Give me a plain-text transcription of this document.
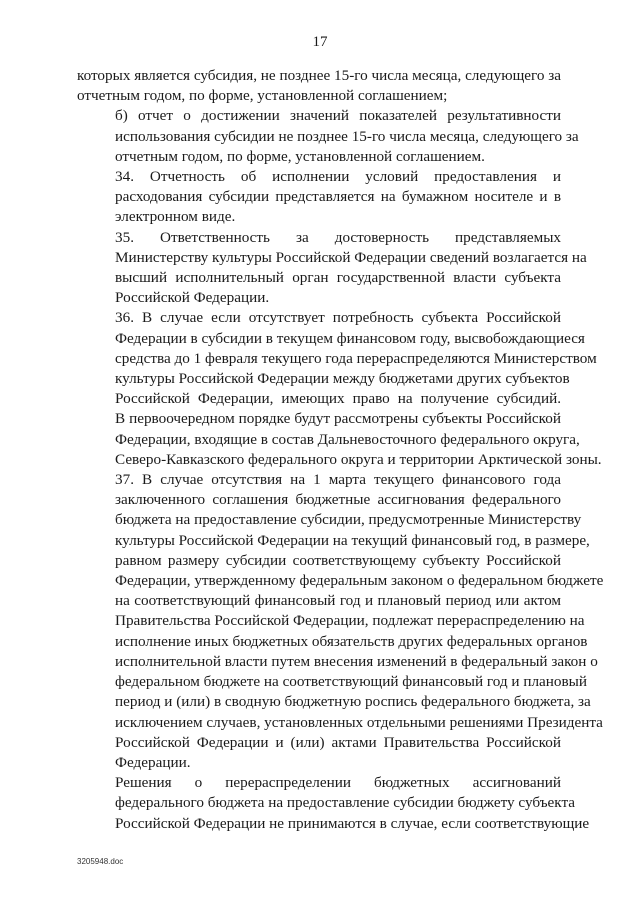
17

которых является субсидия, не позднее 15-го числа месяца, следующего за
отчетным годом, по форме, установленной соглашением;

б) отчет о достижении значений показателей результативности
использования субсидии не позднее 15-го числа месяца, следующего за
отчетным годом, по форме, установленной соглашением.

34. Отчетность об исполнении условий предоставления и
расходования субсидии представляется на бумажном носителе и в
электронном виде.

35. Ответственность за достоверность представляемых
Министерству культуры Российской Федерации сведений возлагается на
высший исполнительный орган государственной власти субъекта
Российской Федерации.

36. В случае если отсутствует потребность субъекта Российской
Федерации в субсидии в текущем финансовом году, высвобождающиеся
средства до 1 февраля текущего года перераспределяются Министерством
культуры Российской Федерации между бюджетами других субъектов
Российской Федерации, имеющих право на получение субсидий.
В первоочередном порядке будут рассмотрены субъекты Российской
Федерации, входящие в состав Дальневосточного федерального округа,
Северо-Кавказского федерального округа и территории Арктической зоны.

37. В случае отсутствия на 1 марта текущего финансового года
заключенного соглашения бюджетные ассигнования федерального
бюджета на предоставление субсидии, предусмотренные Министерству
культуры Российской Федерации на текущий финансовый год, в размере,
равном размеру субсидии соответствующему субъекту Российской
Федерации, утвержденному федеральным законом о федеральном бюджете
на соответствующий финансовый год и плановый период или актом
Правительства Российской Федерации, подлежат перераспределению на
исполнение иных бюджетных обязательств других федеральных органов
исполнительной власти путем внесения изменений в федеральный закон о
федеральном бюджете на соответствующий финансовый год и плановый
период и (или) в сводную бюджетную роспись федерального бюджета, за
исключением случаев, установленных отдельными решениями Президента
Российской Федерации и (или) актами Правительства Российской
Федерации.

Решения о перераспределении бюджетных ассигнований
федерального бюджета на предоставление субсидии бюджету субъекта
Российской Федерации не принимаются в случае, если соответствующие

3205948.doc
